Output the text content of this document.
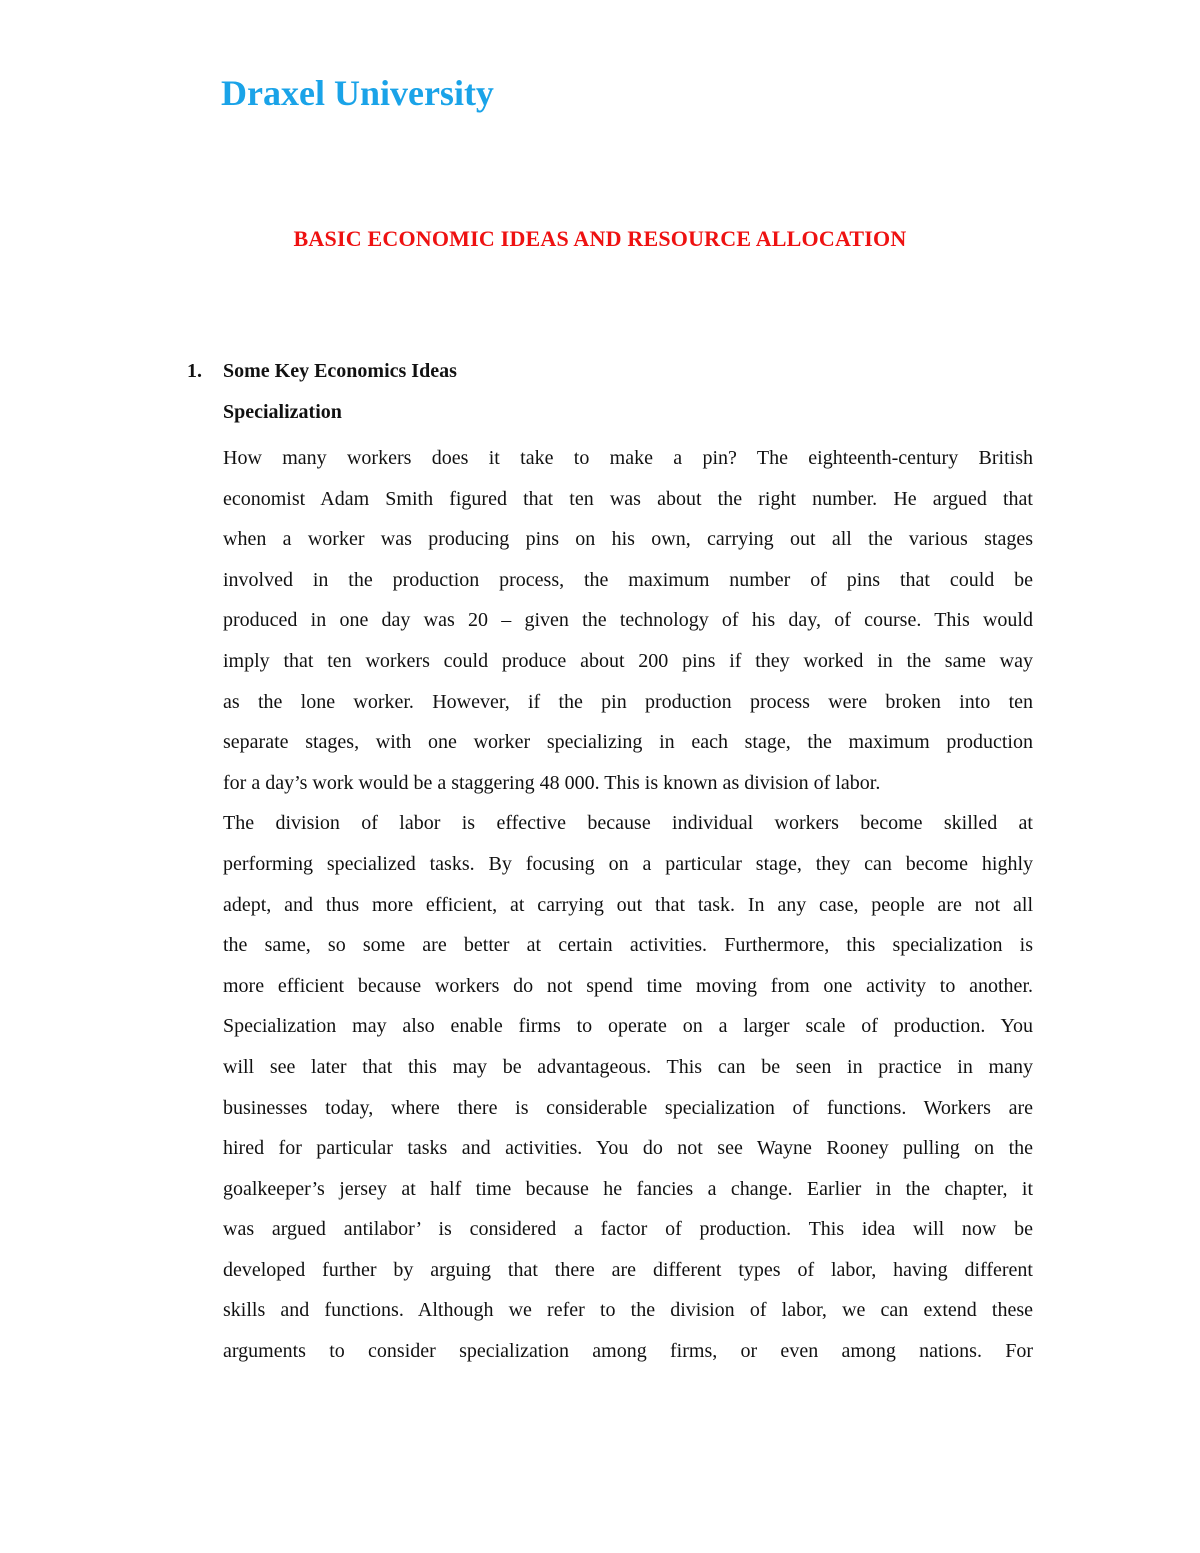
Draxel University
BASIC ECONOMIC IDEAS AND RESOURCE ALLOCATION
1. Some Key Economics Ideas
Specialization
How many workers does it take to make a pin? The eighteenth-century British
economist Adam Smith figured that ten was about the right number. He argued that
when a worker was producing pins on his own, carrying out all the various stages
involved in the production process, the maximum number of pins that could be
produced in one day was 20 – given the technology of his day, of course. This would
imply that ten workers could produce about 200 pins if they worked in the same way
as the lone worker. However, if the pin production process were broken into ten
separate stages, with one worker specializing in each stage, the maximum production
for a day’s work would be a staggering 48 000. This is known as division of labor.
The division of labor is effective because individual workers become skilled at
performing specialized tasks. By focusing on a particular stage, they can become highly
adept, and thus more efficient, at carrying out that task. In any case, people are not all
the same, so some are better at certain activities. Furthermore, this specialization is
more efficient because workers do not spend time moving from one activity to another.
Specialization may also enable firms to operate on a larger scale of production. You
will see later that this may be advantageous. This can be seen in practice in many
businesses today, where there is considerable specialization of functions. Workers are
hired for particular tasks and activities. You do not see Wayne Rooney pulling on the
goalkeeper’s jersey at half time because he fancies a change. Earlier in the chapter, it
was argued antilabor’ is considered a factor of production. This idea will now be
developed further by arguing that there are different types of labor, having different
skills and functions. Although we refer to the division of labor, we can extend these
arguments to consider specialization among firms, or even among nations. For
